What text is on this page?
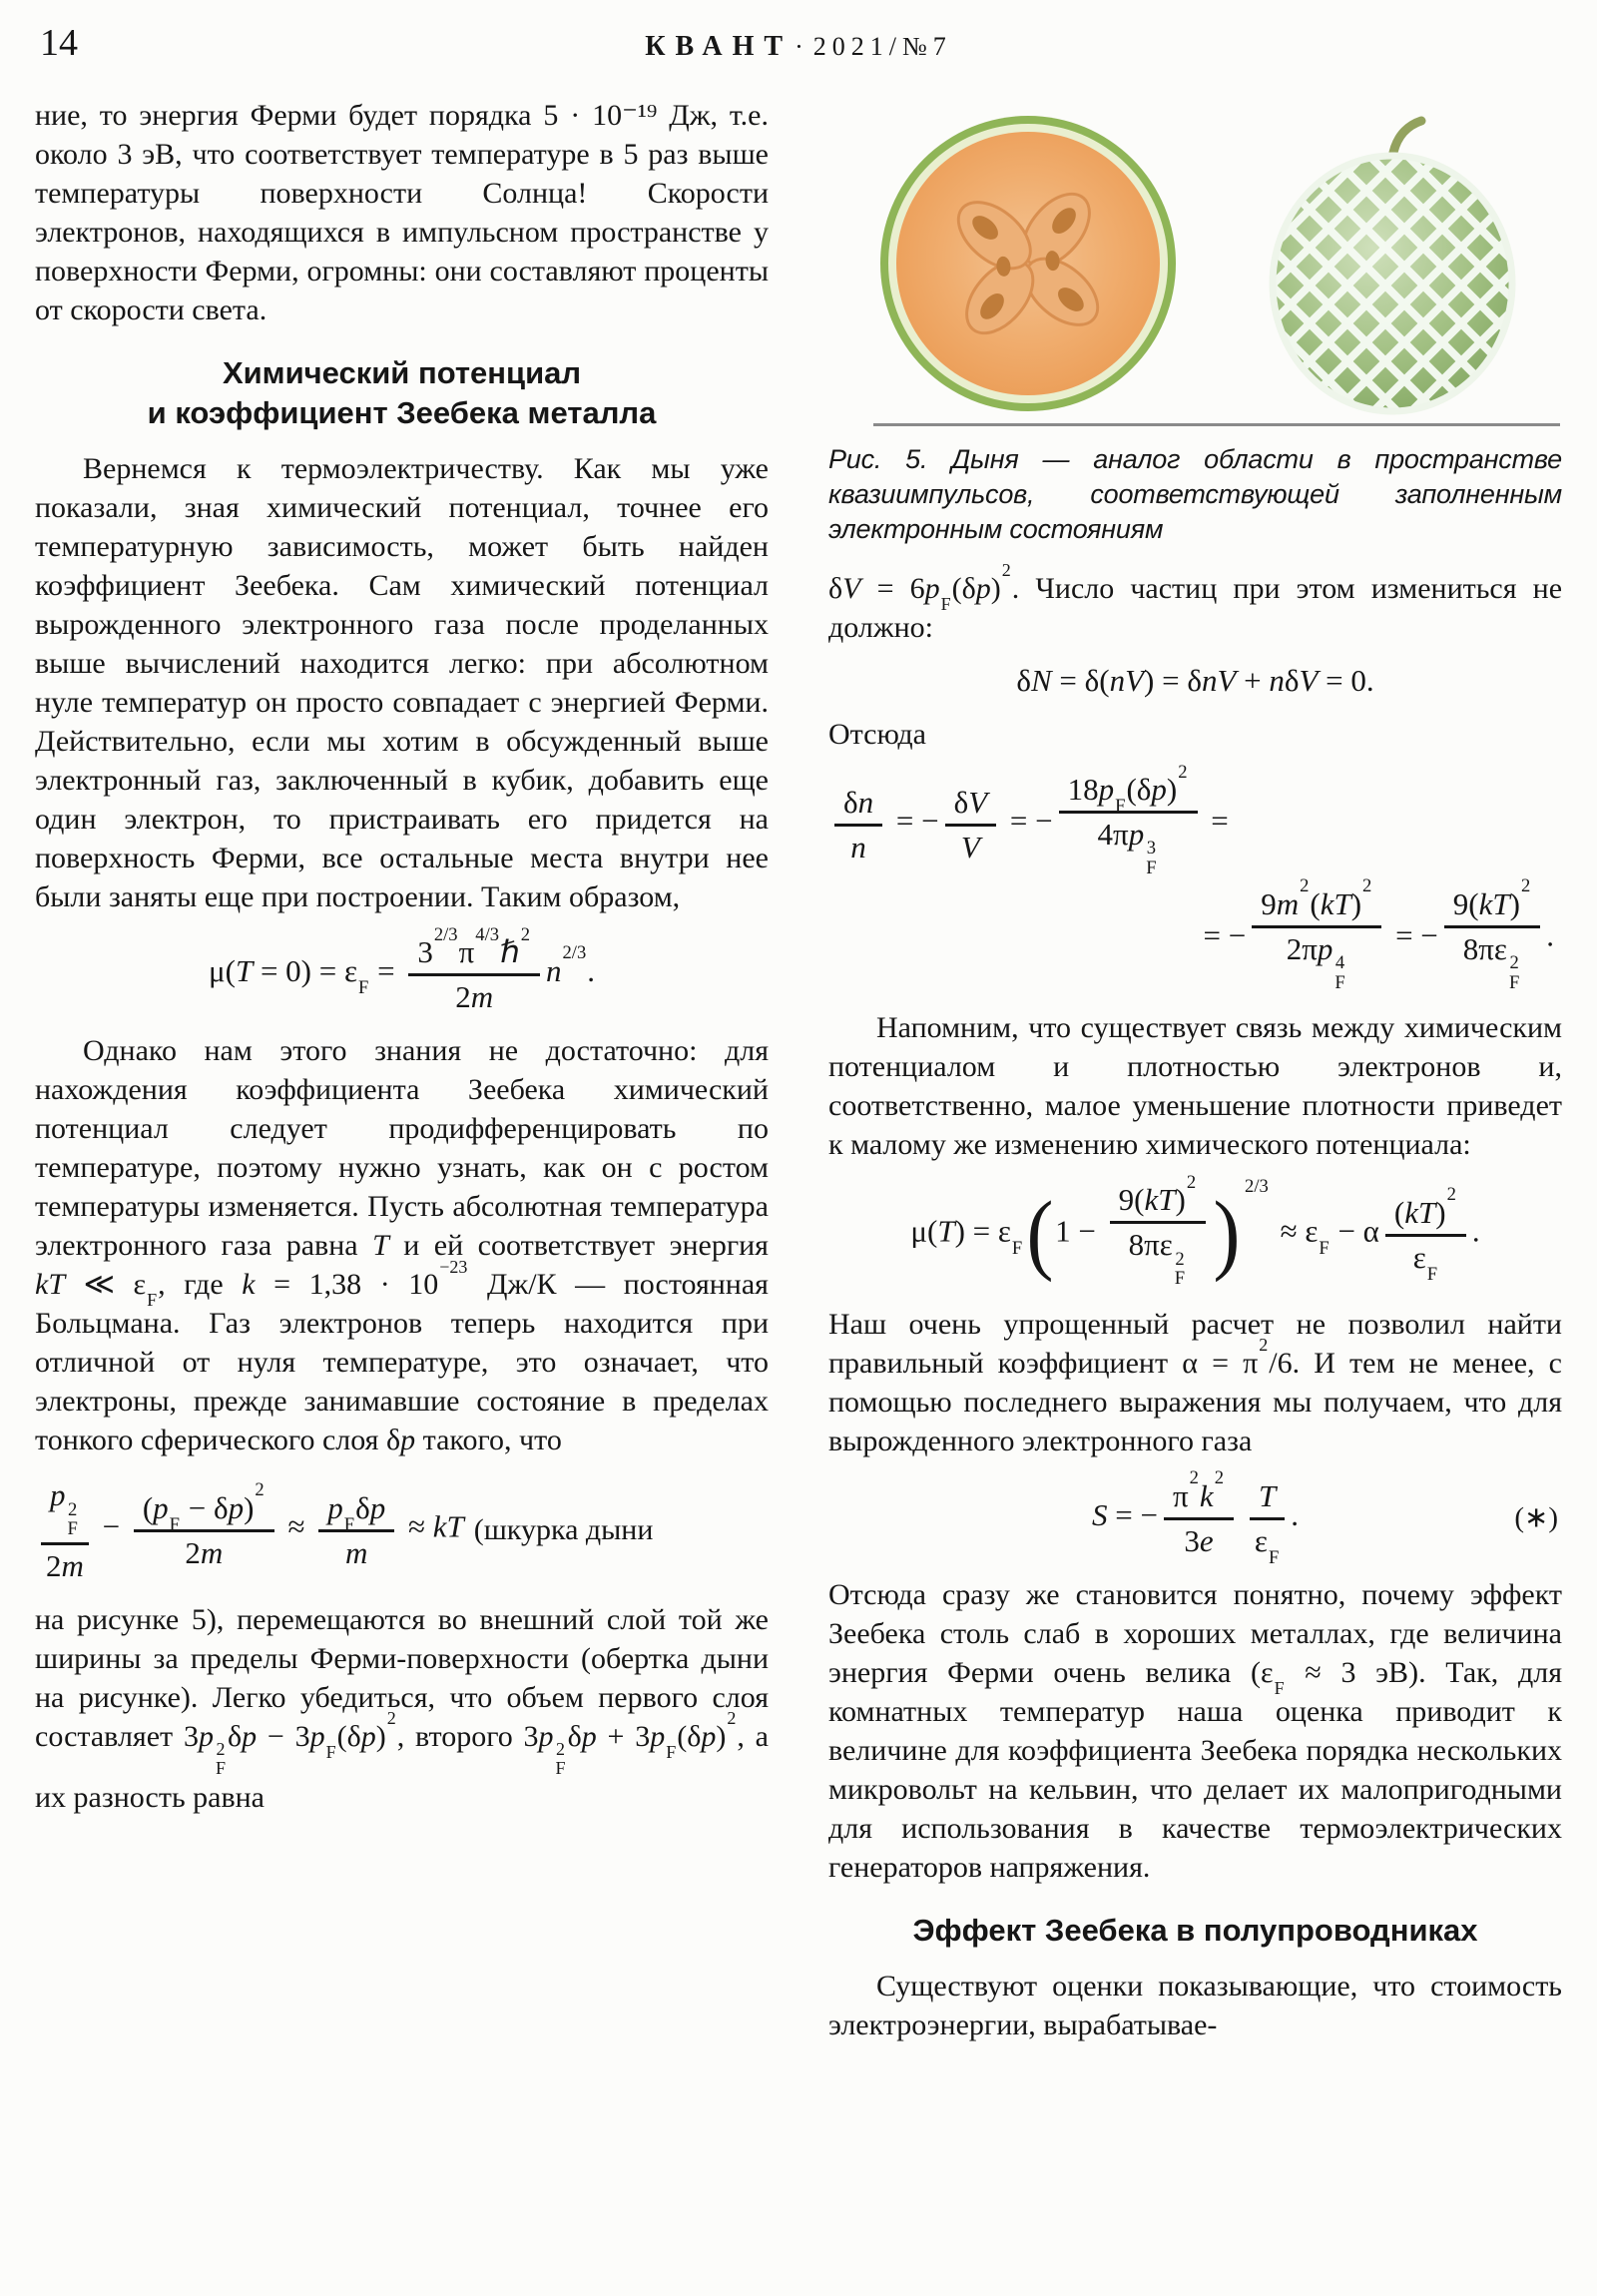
14	КВАНТ· 2021/№7

ние, то энергия Ферми будет порядка 5 · 10⁻¹⁹ Дж, т.е. около 3 эВ, что соответствует температуре в 5 раз выше температуры поверхности Солнца! Скорости электронов, находящихся в импульсном пространстве у поверхности Ферми, огромны: они составляют проценты от скорости света.

Химический потенциал
и коэффициент Зеебека металла

Вернемся к термоэлектричеству. Как мы уже показали, зная химический потенциал, точнее его температурную зависимость, может быть найден коэффициент Зеебека. Сам химический потенциал вырожденного электронного газа после проделанных выше вычислений находится легко: при абсолютном нуле температур он просто совпадает с энергией Ферми. Действительно, если мы хотим в обсужденный выше электронный газ, заключенный в кубик, добавить еще один электрон, то пристраивать его придется на поверхность Ферми, все остальные места внутри нее были заняты еще при построении. Таким образом,

$\mu(T = 0) = \varepsilon_F = \frac{3^{2/3}\pi^{4/3}\hbar^2}{2m} n^{2/3}$.

Однако нам этого знания не достаточно: для нахождения коэффициента Зеебека химический потенциал следует продифференцировать по температуре, поэтому нужно узнать, как он с ростом температуры изменяется. Пусть абсолютная температура электронного газа равна T и ей соответствует энергия kT ≪ $\varepsilon_F$, где $k = 1,38 \cdot 10^{-23}$ Дж/К — постоянная Больцмана. Газ электронов теперь находится при отличной от нуля температуре, это означает, что электроны, прежде занимавшие состояние в пределах тонкого сферического слоя δp такого, что

p 2
F
$2m - \frac{(p_F - \delta p)^2}{2m} \approx \frac{p_F\delta p}{m}$ ≈ kT (шкурка дыни

на рисунке 5), перемещаются во внешний слой той же ширины за пределы Ферми-поверхности (обертка дыни на рисунке). Легко убедиться, что объем первого слоя составляет 3p 2
F
$\delta p - 3p_F(\delta p)^2$, второго 3p 2
F
$\delta p + 3p_F(\delta p)^2$, а их разность равна

Рис. 5. Дыня — аналог области в пространстве квазиимпульсов, соответствующей заполненным электронным состояниям

$\delta V = 6p_F(\delta p)^2$. Число частиц при этом измениться не должно:

δN = δ(nV) = δnV + nδV = 0.

Отсюда

$\frac{\delta n}{n}$ = − $\frac{\delta V}{V}$ = − $18p_F(\delta p)^2$
4πp 3
F =
= − $9m^2(kT)^2$
2πp 4
F = − 9(kT)$^2$
8πε 2
F .

Напомним, что существует связь между химическим потенциалом и плотностью электронов и, соответственно, малое уменьшение плотности приведет к малому же изменению химического потенциала:

$\mu(T) = \varepsilon_F$ ( 1 − 9(kT)$^2$
8πε 2
F ) 2/3
≈ $\varepsilon_F - \alpha \frac{(kT)^2}{\varepsilon_F}$ .

Наш очень упрощенный расчет не позволил найти правильный коэффициент $\alpha = \pi^2/6$. И тем не менее, с помощью последнего выражения мы получаем, что для вырожденного электронного газа

S = − $\frac{\pi^2k^2}{3e} \frac{T}{\varepsilon_F}$ .	(∗)

Отсюда сразу же становится понятно, почему эффект Зеебека столь слаб в хороших металлах, где величина энергия Ферми очень велика ($\varepsilon_F \approx 3$ эВ). Так, для комнатных температур наша оценка приводит к величине для коэффициента Зеебека порядка нескольких микровольт на кельвин, что делает их малопригодными для использования в качестве термоэлектрических генераторов напряжения.

Эффект Зеебека в полупроводниках

Существуют оценки показывающие, что стоимость электроэнергии, вырабатывае-
